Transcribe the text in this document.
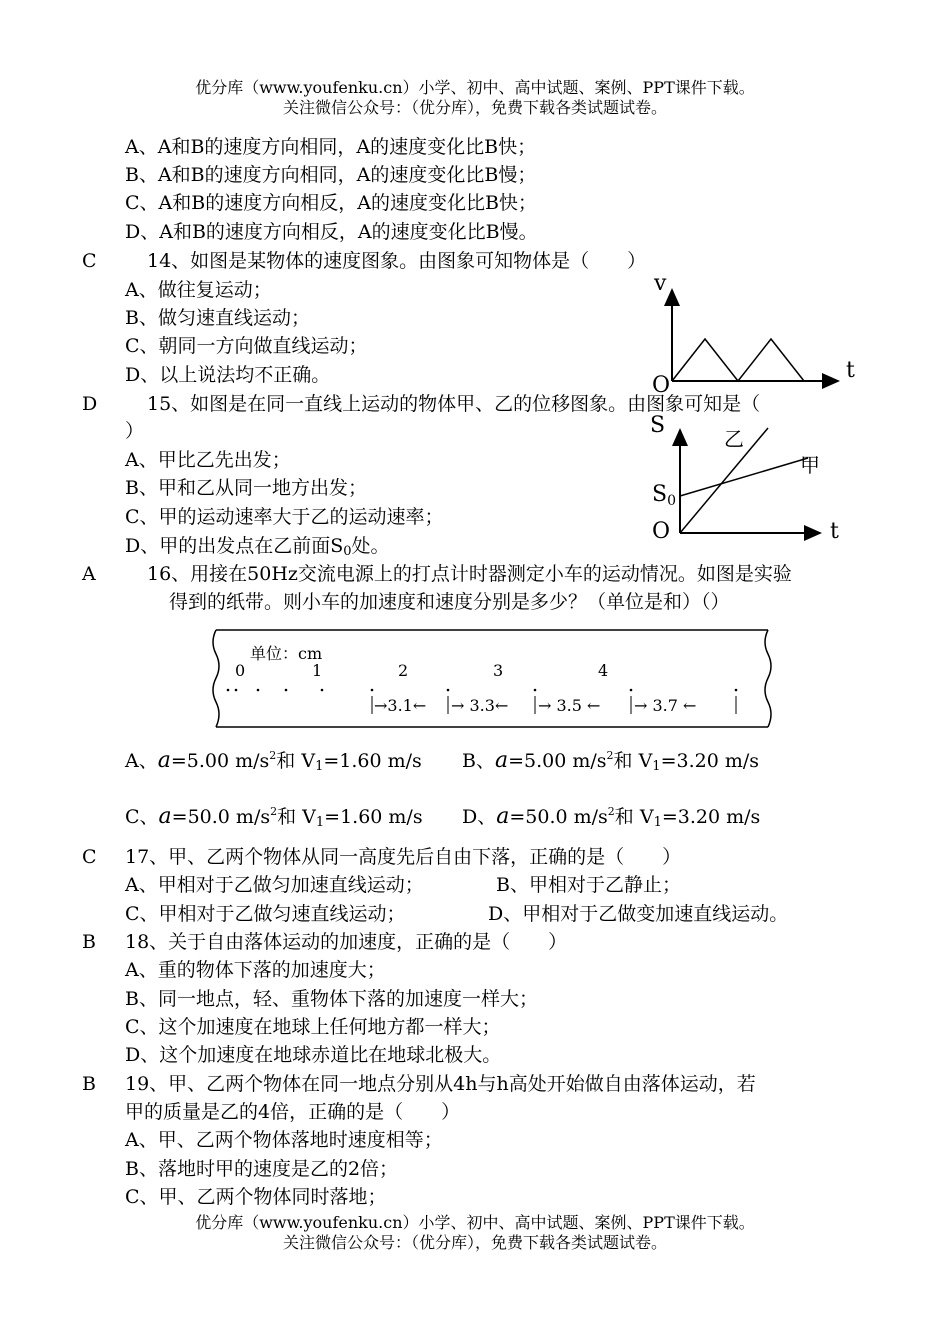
优分库（www.youfenku.cn）小学、初中、高中试题、案例、PPT课件下载。
关注微信公众号：（优分库），免费下载各类试题试卷。
A、A和B的速度方向相同，A的速度变化比B快；
B、A和B的速度方向相同，A的速度变化比B慢；
C、A和B的速度方向相反，A的速度变化比B快；
D、A和B的速度方向相反，A的速度变化比B慢。
C	14、如图是某物体的速度图象。由图象可知物体是（　　）
A、做往复运动；
B、做匀速直线运动；
C、朝同一方向做直线运动；
D、以上说法均不正确。
v
t
O
D	15、如图是在同一直线上运动的物体甲、乙的位移图象。由图象可知是（
）
A、甲比乙先出发；
B、甲和乙从同一地方出发；
C、甲的运动速率大于乙的运动速率；
D、甲的出发点在乙前面$S_0$处。
S
t
O
S0
乙
甲
A	16、用接在50Hz交流电源上的打点计时器测定小车的运动情况。如图是实验
得到的纸带。则小车的加速度和速度分别是多少？（单位是和）（）
单位：cm
0	1	2	3	4
→3.1← → 3.3← → 3.5 ← → 3.7 ←
A、a=5.00 $m/s^2$和 $V_1=1.60$ m/s B、a=5.00 $m/s^2$和 $V_1=3.20$ m/s
C、a=50.0 $m/s^2$和 $V_1=1.60$ m/s D、a=50.0 $m/s^2$和 $V_1=3.20$ m/s
C 17、甲、乙两个物体从同一高度先后自由下落，正确的是（　　）
A、甲相对于乙做匀加速直线运动；	B、甲相对于乙静止；
C、甲相对于乙做匀速直线运动；	D、甲相对于乙做变加速直线运动。
B 18、关于自由落体运动的加速度，正确的是（　　）
A、重的物体下落的加速度大；
B、同一地点，轻、重物体下落的加速度一样大；
C、这个加速度在地球上任何地方都一样大；
D、这个加速度在地球赤道比在地球北极大。
B 19、甲、乙两个物体在同一地点分别从4h与h高处开始做自由落体运动，若
甲的质量是乙的4倍，正确的是（　　）
A、甲、乙两个物体落地时速度相等；
B、落地时甲的速度是乙的2倍；
C、甲、乙两个物体同时落地；
优分库（www.youfenku.cn）小学、初中、高中试题、案例、PPT课件下载。
关注微信公众号：（优分库），免费下载各类试题试卷。
